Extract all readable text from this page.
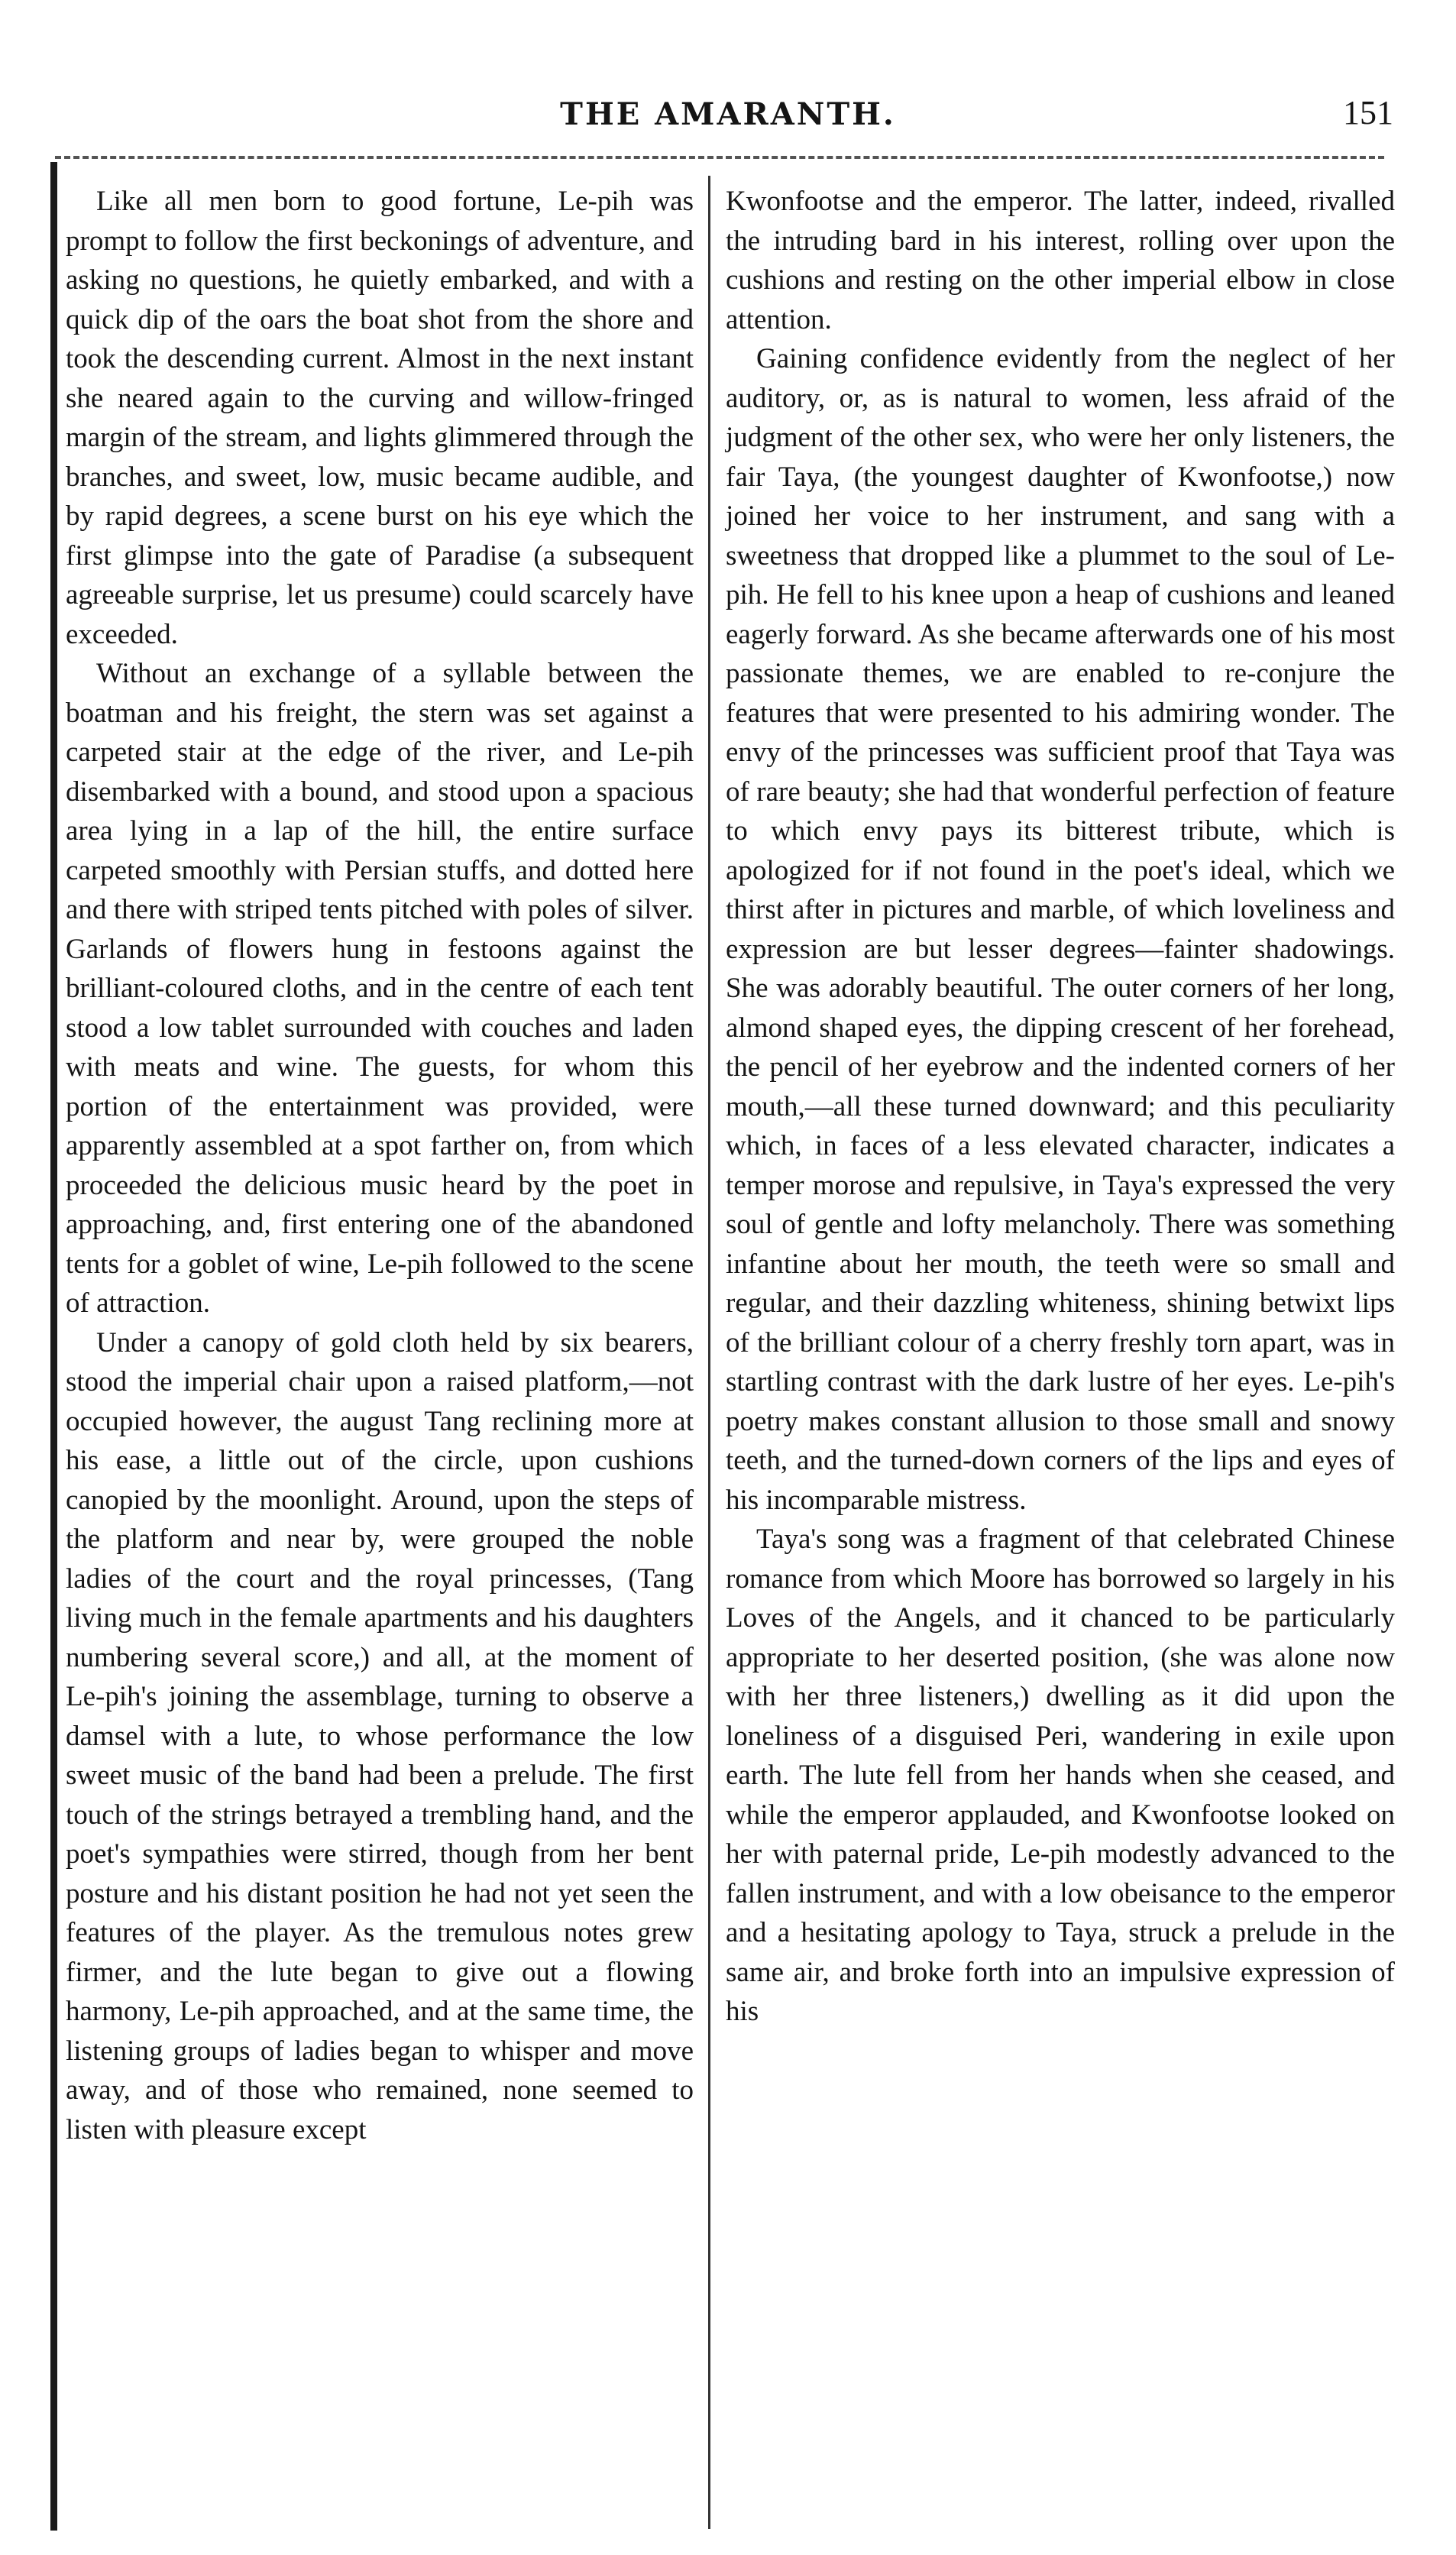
THE AMARANTH.	151

Like all men born to good fortune, Le-pih was prompt to follow the first beckonings of adventure, and asking no questions, he quietly embarked, and with a quick dip of the oars the boat shot from the shore and took the descending current. Almost in the next instant she neared again to the curving and willow-fringed margin of the stream, and lights glimmered through the branches, and sweet, low, music became audible, and by rapid degrees, a scene burst on his eye which the first glimpse into the gate of Paradise (a subsequent agreeable surprise, let us presume) could scarcely have exceeded.

Without an exchange of a syllable between the boatman and his freight, the stern was set against a carpeted stair at the edge of the river, and Le-pih disembarked with a bound, and stood upon a spacious area lying in a lap of the hill, the entire surface carpeted smoothly with Persian stuffs, and dotted here and there with striped tents pitched with poles of silver. Garlands of flowers hung in festoons against the brilliant-coloured cloths, and in the centre of each tent stood a low tablet surrounded with couches and laden with meats and wine. The guests, for whom this portion of the entertainment was provided, were apparently assembled at a spot farther on, from which proceeded the delicious music heard by the poet in approaching, and, first entering one of the abandoned tents for a goblet of wine, Le-pih followed to the scene of attraction.

Under a canopy of gold cloth held by six bearers, stood the imperial chair upon a raised platform,—not occupied however, the august Tang reclining more at his ease, a little out of the circle, upon cushions canopied by the moonlight. Around, upon the steps of the platform and near by, were grouped the noble ladies of the court and the royal princesses, (Tang living much in the female apartments and his daughters numbering several score,) and all, at the moment of Le-pih's joining the assemblage, turning to observe a damsel with a lute, to whose performance the low sweet music of the band had been a prelude. The first touch of the strings betrayed a trembling hand, and the poet's sympathies were stirred, though from her bent posture and his distant position he had not yet seen the features of the player. As the tremulous notes grew firmer, and the lute began to give out a flowing harmony, Le-pih approached, and at the same time, the listening groups of ladies began to whisper and move away, and of those who remained, none seemed to listen with pleasure except

Kwonfootse and the emperor. The latter, indeed, rivalled the intruding bard in his interest, rolling over upon the cushions and resting on the other imperial elbow in close attention.

Gaining confidence evidently from the neglect of her auditory, or, as is natural to women, less afraid of the judgment of the other sex, who were her only listeners, the fair Taya, (the youngest daughter of Kwonfootse,) now joined her voice to her instrument, and sang with a sweetness that dropped like a plummet to the soul of Le-pih. He fell to his knee upon a heap of cushions and leaned eagerly forward. As she became afterwards one of his most passionate themes, we are enabled to re-conjure the features that were presented to his admiring wonder. The envy of the princesses was sufficient proof that Taya was of rare beauty; she had that wonderful perfection of feature to which envy pays its bitterest tribute, which is apologized for if not found in the poet's ideal, which we thirst after in pictures and marble, of which loveliness and expression are but lesser degrees—fainter shadowings. She was adorably beautiful. The outer corners of her long, almond shaped eyes, the dipping crescent of her forehead, the pencil of her eyebrow and the indented corners of her mouth,—all these turned downward; and this peculiarity which, in faces of a less elevated character, indicates a temper morose and repulsive, in Taya's expressed the very soul of gentle and lofty melancholy. There was something infantine about her mouth, the teeth were so small and regular, and their dazzling whiteness, shining betwixt lips of the brilliant colour of a cherry freshly torn apart, was in startling contrast with the dark lustre of her eyes. Le-pih's poetry makes constant allusion to those small and snowy teeth, and the turned-down corners of the lips and eyes of his incomparable mistress.

Taya's song was a fragment of that celebrated Chinese romance from which Moore has borrowed so largely in his Loves of the Angels, and it chanced to be particularly appropriate to her deserted position, (she was alone now with her three listeners,) dwelling as it did upon the loneliness of a disguised Peri, wandering in exile upon earth. The lute fell from her hands when she ceased, and while the emperor applauded, and Kwonfootse looked on her with paternal pride, Le-pih modestly advanced to the fallen instrument, and with a low obeisance to the emperor and a hesitating apology to Taya, struck a prelude in the same air, and broke forth into an impulsive expression of his
